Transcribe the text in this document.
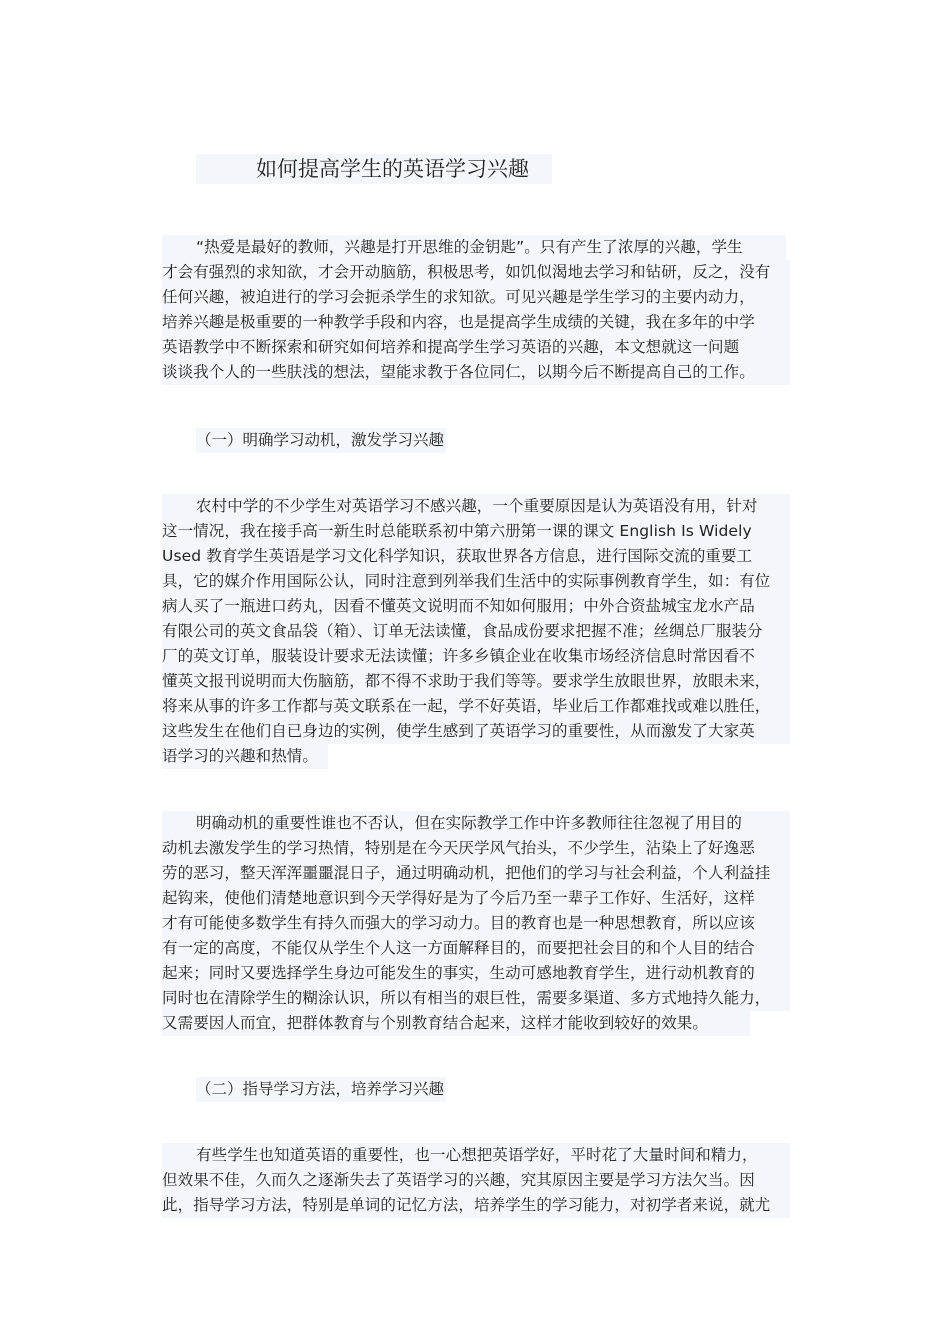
如何提高学生的英语学习兴趣
“热爱是最好的教师，兴趣是打开思维的金钥匙”。只有产生了浓厚的兴趣，学生
才会有强烈的求知欲，才会开动脑筋，积极思考，如饥似渴地去学习和钻研，反之，没有
任何兴趣，被迫进行的学习会扼杀学生的求知欲。可见兴趣是学生学习的主要内动力，
培养兴趣是极重要的一种教学手段和内容，也是提高学生成绩的关键，我在多年的中学
英语教学中不断探索和研究如何培养和提高学生学习英语的兴趣，本文想就这一问题
谈谈我个人的一些肤浅的想法，望能求教于各位同仁，以期今后不断提高自己的工作。
（一）明确学习动机，激发学习兴趣
农村中学的不少学生对英语学习不感兴趣，一个重要原因是认为英语没有用，针对
这一情况，我在接手高一新生时总能联系初中第六册第一课的课文 English Is Widely
Used 教育学生英语是学习文化科学知识，获取世界各方信息，进行国际交流的重要工
具，它的媒介作用国际公认，同时注意到列举我们生活中的实际事例教育学生，如：有位
病人买了一瓶进口药丸，因看不懂英文说明而不知如何服用；中外合资盐城宝龙水产品
有限公司的英文食品袋（箱）、订单无法读懂，食品成份要求把握不准；丝绸总厂服装分
厂的英文订单，服装设计要求无法读懂；许多乡镇企业在收集市场经济信息时常因看不
懂英文报刊说明而大伤脑筋，都不得不求助于我们等等。要求学生放眼世界，放眼未来，
将来从事的许多工作都与英文联系在一起，学不好英语，毕业后工作都难找或难以胜任，
这些发生在他们自已身边的实例，使学生感到了英语学习的重要性，从而激发了大家英
语学习的兴趣和热情。
明确动机的重要性谁也不否认，但在实际教学工作中许多教师往往忽视了用目的
动机去激发学生的学习热情，特别是在今天厌学风气抬头，不少学生，沾染上了好逸恶
劳的恶习，整天浑浑噩噩混日子，通过明确动机，把他们的学习与社会利益，个人利益挂
起钩来，使他们清楚地意识到今天学得好是为了今后乃至一辈子工作好、生活好，这样
才有可能使多数学生有持久而强大的学习动力。目的教育也是一种思想教育，所以应该
有一定的高度，不能仅从学生个人这一方面解释目的，而要把社会目的和个人目的结合
起来；同时又要选择学生身边可能发生的事实，生动可感地教育学生，进行动机教育的
同时也在清除学生的糊涂认识，所以有相当的艰巨性，需要多渠道、多方式地持久能力，
又需要因人而宜，把群体教育与个别教育结合起来，这样才能收到较好的效果。
（二）指导学习方法，培养学习兴趣
有些学生也知道英语的重要性，也一心想把英语学好，平时花了大量时间和精力，
但效果不佳，久而久之逐渐失去了英语学习的兴趣，究其原因主要是学习方法欠当。因
此，指导学习方法，特别是单词的记忆方法，培养学生的学习能力，对初学者来说，就尤
